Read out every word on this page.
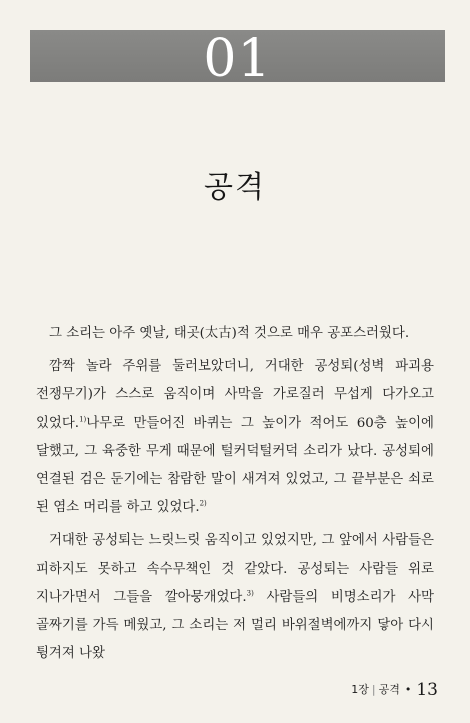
01
공격

그 소리는 아주 옛날, 태곳(太古)적 것으로 매우 공포스러웠다.

깜짝 놀라 주위를 둘러보았더니, 거대한 공성퇴(성벽 파괴용 전쟁무기)가 스스로 움직이며 사막을 가로질러 무섭게 다가오고 있었다.$^{1)}$나무로 만들어진 바퀴는 그 높이가 적어도 60층 높이에 달했고, 그 육중한 무게 때문에 털커덕털커덕 소리가 났다. 공성퇴에 연결된 검은 둔기에는 참람한 말이 새겨져 있었고, 그 끝부분은 쇠로 된 염소 머리를 하고 있었다.$^{2)}$

거대한 공성퇴는 느릿느릿 움직이고 있었지만, 그 앞에서 사람들은 피하지도 못하고 속수무책인 것 같았다. 공성퇴는 사람들 위로 지나가면서 그들을 깔아뭉개었다.$^{3)}$ 사람들의 비명소리가 사막 골짜기를 가득 메웠고, 그 소리는 저 멀리 바위절벽에까지 닿아 다시 튕겨져 나왔

1장 | 공격 • 13
